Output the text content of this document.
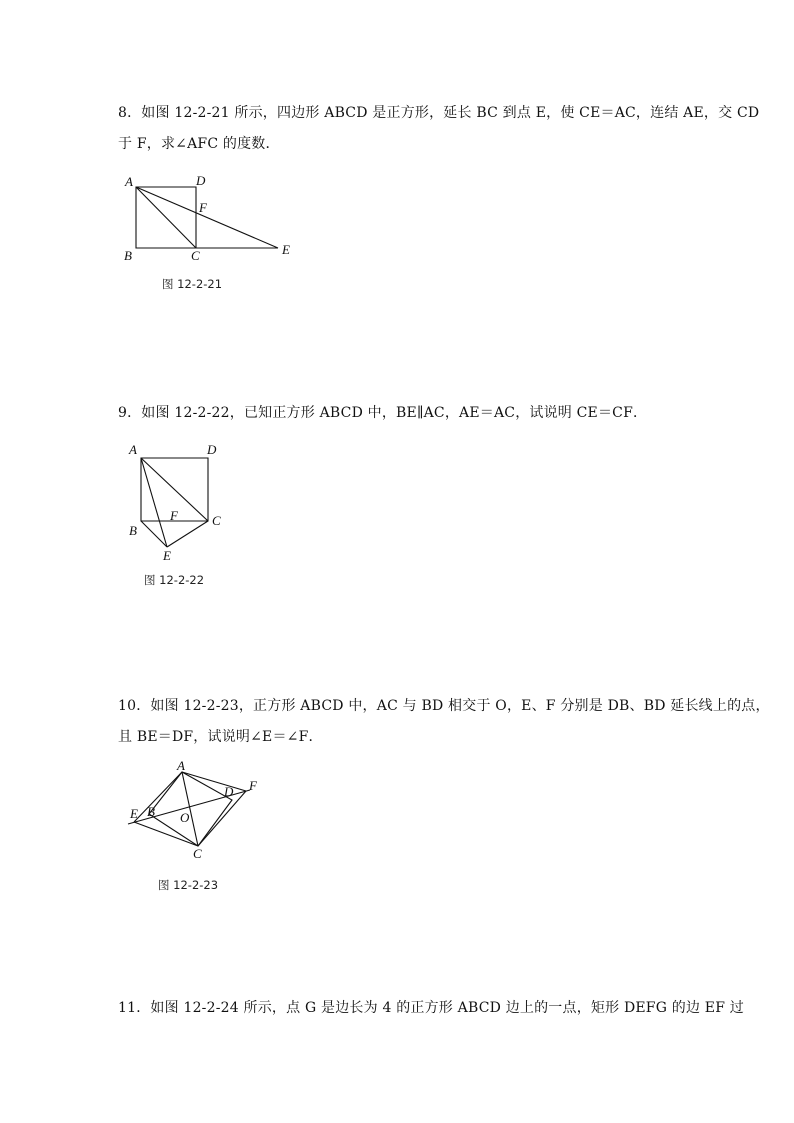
8．如图 12-2-21 所示，四边形 ABCD 是正方形，延长 BC 到点 E，使 CE＝AC，连结 AE，交 CD
于 F，求∠AFC 的度数．
A	D
F
B	C	E
图 12-2-21
9．如图 12-2-22，已知正方形 ABCD 中，BE∥AC，AE＝AC，试说明 CE＝CF．
A	D
F	C
B
E
图 12-2-22
10．如图 12-2-23，正方形 ABCD 中，AC 与 BD 相交于 O，E、F 分别是 DB、BD 延长线上的点，
且 BE＝DF，试说明∠E＝∠F．
A
D F
E B O
C
图 12-2-23
11．如图 12-2-24 所示，点 G 是边长为 4 的正方形 ABCD 边上的一点，矩形 DEFG 的边 EF 过
